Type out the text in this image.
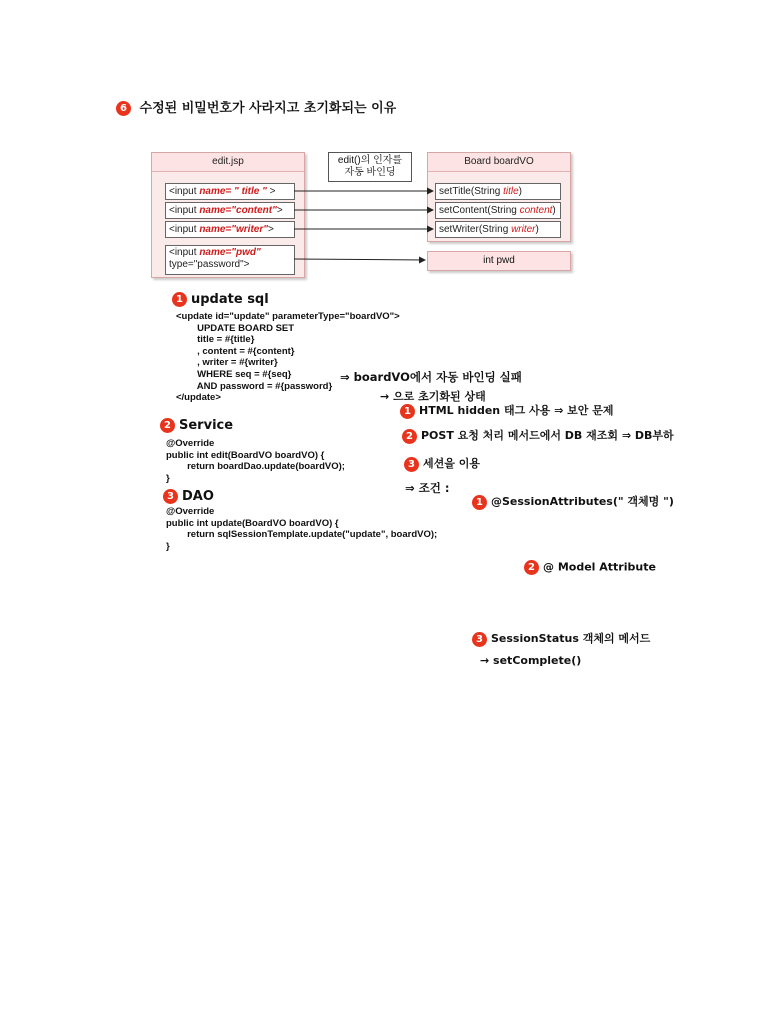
6 수정된 비밀번호가 사라지고 초기화되는 이유
edit.jsp
<input name= " title " >
<input name="content">
<input name="writer">
<input name="pwd"
type="password">
edit()의 인자를
자동 바인딩
Board boardVO
setTitle(String title)
setContent(String content)
setWriter(String writer)
int pwd
1 update sql
<update id="update" parameterType="boardVO">
UPDATE BOARD SET
title = #{title}
, content = #{content}
, writer = #{writer}
WHERE seq = #{seq}
AND password = #{password}
</update>
2 Service
@Override
public int edit(BoardVO boardVO) {
return boardDao.update(boardVO);
}
3 DAO
@Override
public int update(BoardVO boardVO) {
return sqlSessionTemplate.update("update", boardVO);
}
⇒ boardVO에서 자동 바인딩 실패
→ 으로 초기화된 상태
1 HTML hidden 태그 사용 ⇒ 보안 문제
2 POST 요청 처리 메서드에서 DB 재조회 ⇒ DB부하
3 세션을 이용
⇒ 조건 :
1 @SessionAttributes(" 객체명 ")
2 @ Model Attribute
3 SessionStatus 객체의 메서드
→ setComplete()
